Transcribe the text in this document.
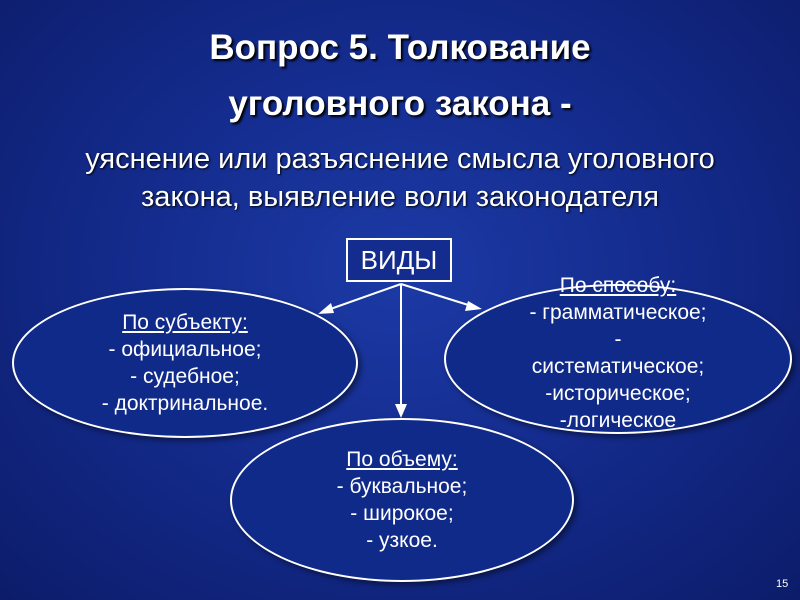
Вопрос 5. Толкование
уголовного закона -
уяснение или разъяснение смысла уголовного
закона, выявление воли законодателя
ВИДЫ
По субъекту:
- официальное;
- судебное;
- доктринальное.
По объему:
- буквальное;
- широкое;
- узкое.
По способу:
- грамматическое;
-
систематическое;
-историческое;
-логическое
15
